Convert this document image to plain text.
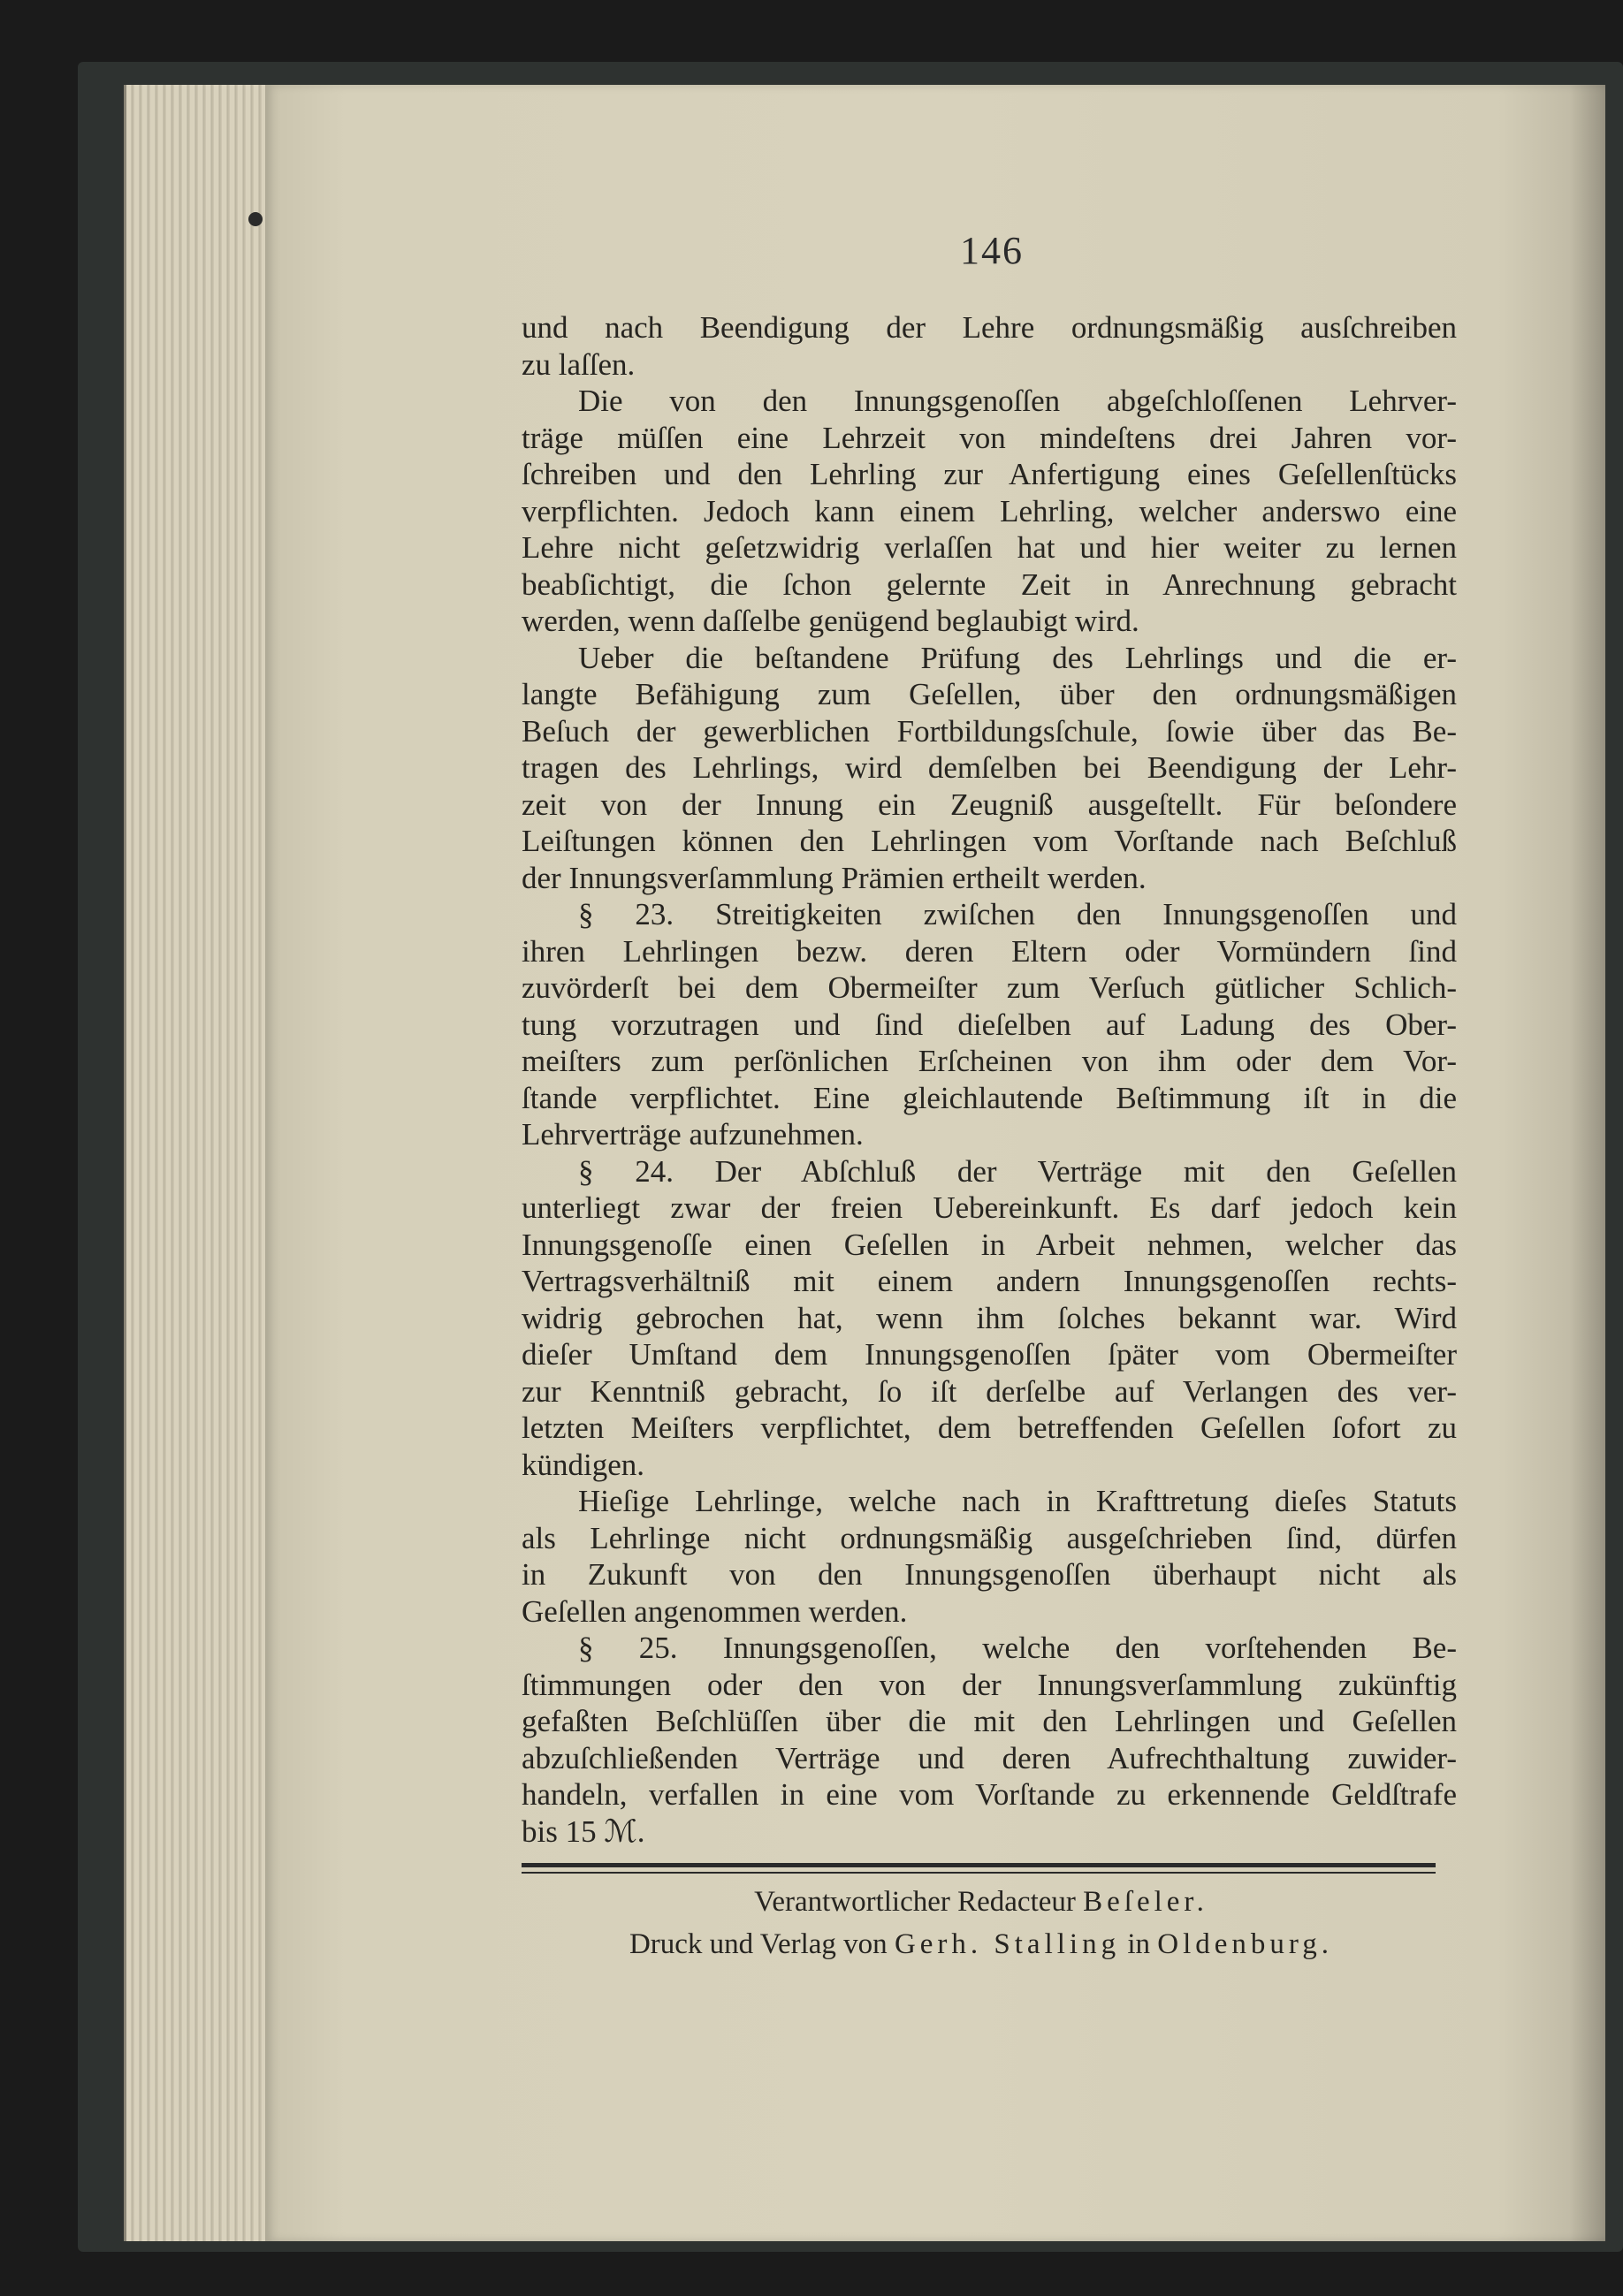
146
und nach Beendigung der Lehre ordnungsmäßig ausſchreiben
zu laſſen.
Die von den Innungsgenoſſen abgeſchloſſenen Lehrver-
träge müſſen eine Lehrzeit von mindeſtens drei Jahren vor-
ſchreiben und den Lehrling zur Anfertigung eines Geſellenſtücks
verpflichten. Jedoch kann einem Lehrling, welcher anderswo eine
Lehre nicht geſetzwidrig verlaſſen hat und hier weiter zu lernen
beabſichtigt, die ſchon gelernte Zeit in Anrechnung gebracht
werden, wenn daſſelbe genügend beglaubigt wird.
Ueber die beſtandene Prüfung des Lehrlings und die er-
langte Befähigung zum Geſellen, über den ordnungsmäßigen
Beſuch der gewerblichen Fortbildungsſchule, ſowie über das Be-
tragen des Lehrlings, wird demſelben bei Beendigung der Lehr-
zeit von der Innung ein Zeugniß ausgeſtellt. Für beſondere
Leiſtungen können den Lehrlingen vom Vorſtande nach Beſchluß
der Innungsverſammlung Prämien ertheilt werden.
§ 23. Streitigkeiten zwiſchen den Innungsgenoſſen und
ihren Lehrlingen bezw. deren Eltern oder Vormündern ſind
zuvörderſt bei dem Obermeiſter zum Verſuch gütlicher Schlich-
tung vorzutragen und ſind dieſelben auf Ladung des Ober-
meiſters zum perſönlichen Erſcheinen von ihm oder dem Vor-
ſtande verpflichtet. Eine gleichlautende Beſtimmung iſt in die
Lehrverträge aufzunehmen.
§ 24. Der Abſchluß der Verträge mit den Geſellen
unterliegt zwar der freien Uebereinkunft. Es darf jedoch kein
Innungsgenoſſe einen Geſellen in Arbeit nehmen, welcher das
Vertragsverhältniß mit einem andern Innungsgenoſſen rechts-
widrig gebrochen hat, wenn ihm ſolches bekannt war. Wird
dieſer Umſtand dem Innungsgenoſſen ſpäter vom Obermeiſter
zur Kenntniß gebracht, ſo iſt derſelbe auf Verlangen des ver-
letzten Meiſters verpflichtet, dem betreffenden Geſellen ſofort zu
kündigen.
Hieſige Lehrlinge, welche nach in Krafttretung dieſes Statuts
als Lehrlinge nicht ordnungsmäßig ausgeſchrieben ſind, dürfen
in Zukunft von den Innungsgenoſſen überhaupt nicht als
Geſellen angenommen werden.
§ 25. Innungsgenoſſen, welche den vorſtehenden Be-
ſtimmungen oder den von der Innungsverſammlung zukünftig
gefaßten Beſchlüſſen über die mit den Lehrlingen und Geſellen
abzuſchließenden Verträge und deren Aufrechthaltung zuwider-
handeln, verfallen in eine vom Vorſtande zu erkennende Geldſtrafe
bis 15 ℳ.
Verantwortlicher Redacteur Beſeler.
Druck und Verlag von Gerh. Stalling in Oldenburg.
